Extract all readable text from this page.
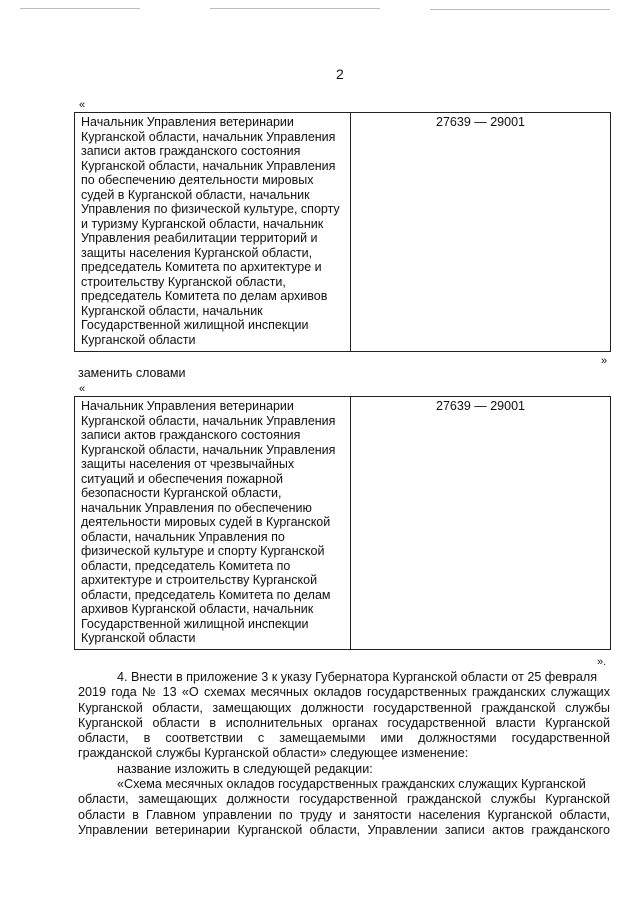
2
«
Начальник Управления ветеринарии
Курганской области, начальник Управления
записи актов гражданского состояния
Курганской области, начальник Управления
по обеспечению деятельности мировых
судей в Курганской области, начальник
Управления по физической культуре, спорту
и туризму Курганской области, начальник
Управления реабилитации территорий и
защиты населения Курганской области,
председатель Комитета по архитектуре и
строительству Курганской области,
председатель Комитета по делам архивов
Курганской области, начальник
Государственной жилищной инспекции
Курганской области
27639 — 29001
»
заменить словами
«
Начальник Управления ветеринарии
Курганской области, начальник Управления
записи актов гражданского состояния
Курганской области, начальник Управления
защиты населения от чрезвычайных
ситуаций и обеспечения пожарной
безопасности Курганской области,
начальник Управления по обеспечению
деятельности мировых судей в Курганской
области, начальник Управления по
физической культуре и спорту Курганской
области, председатель Комитета по
архитектуре и строительству Курганской
области, председатель Комитета по делам
архивов Курганской области, начальник
Государственной жилищной инспекции
Курганской области
27639 — 29001
».
4. Внести в приложение 3 к указу Губернатора Курганской области от 25 февраля
2019 года № 13 «О схемах месячных окладов государственных гражданских служащих
Курганской области, замещающих должности государственной гражданской службы
Курганской области в исполнительных органах государственной власти Курганской
области, в соответствии с замещаемыми ими должностями государственной
гражданской службы Курганской области» следующее изменение:
название изложить в следующей редакции:
«Схема месячных окладов государственных гражданских служащих Курганской
области, замещающих должности государственной гражданской службы Курганской
области в Главном управлении по труду и занятости населения Курганской области,
Управлении ветеринарии Курганской области, Управлении записи актов гражданского
